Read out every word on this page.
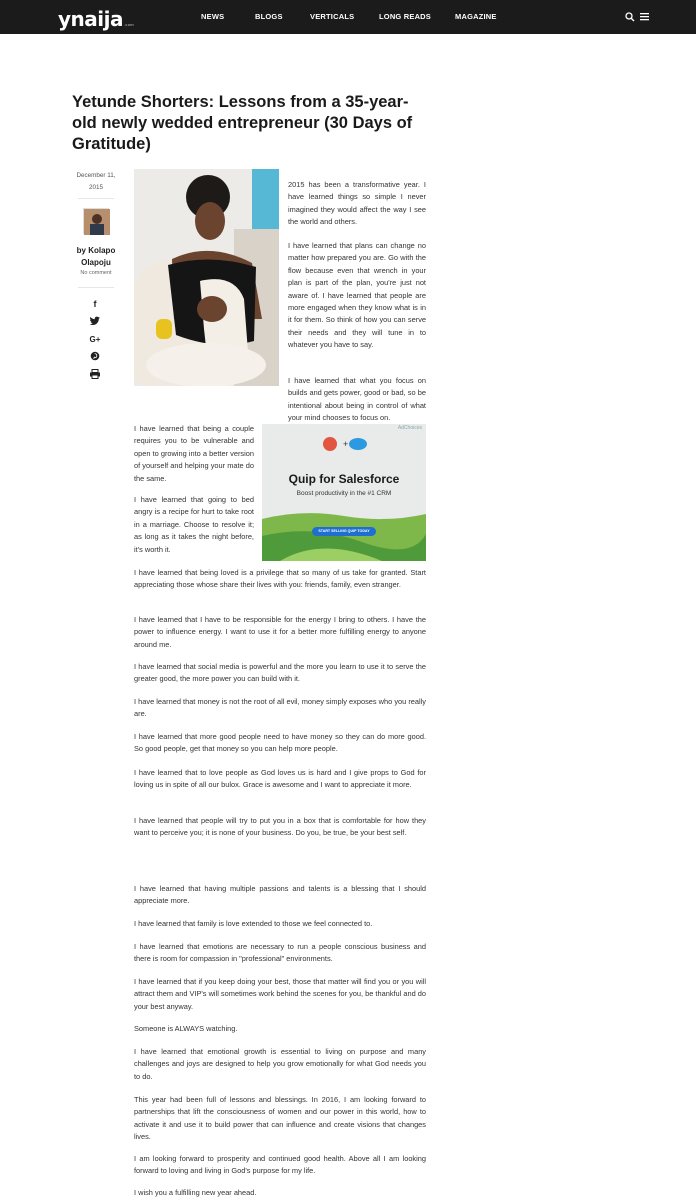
ynaija .com
NEWS	BLOGS	VERTICALS	LONG READS	MAGAZINE
Yetunde Shorters: Lessons from a 35-year-old newly wedded entrepreneur (30 Days of Gratitude)
December 11, 2015
by Kolapo Olapoju
No comment
f
G+

2015 has been a transformative year. I have learned things so simple I never imagined they would affect the way I see the world and others.

I have learned that plans can change no matter how prepared you are. Go with the flow because even that wrench in your plan is part of the plan, you're just not aware of. I have learned that people are more engaged when they know what is in it for them. So think of how you can serve their needs and they will tune in to whatever you have to say.

I have learned that what you focus on builds and gets power, good or bad, so be intentional about being in control of what your mind chooses to focus on.

I have learned that being a couple requires you to be vulnerable and open to growing into a better version of yourself and helping your mate do the same.

I have learned that going to bed angry is a recipe for hurt to take root in a marriage. Choose to resolve it; as long as it takes the night before, it's worth it.

I have learned that being loved is a privilege that so many of us take for granted. Start appreciating those whose share their lives with you: friends, family, even stranger.

AdChoices
+
Quip for Salesforce
Boost productivity in the #1 CRM
START SELLING QUIP TODAY

I have learned that I have to be responsible for the energy I bring to others. I have the power to influence energy. I want to use it for a better more fulfilling energy to anyone around me.

I have learned that social media is powerful and the more you learn to use it to serve the greater good, the more power you can build with it.

I have learned that money is not the root of all evil, money simply exposes who you really are.

I have learned that more good people need to have money so they can do more good. So good people, get that money so you can help more people.

I have learned that to love people as God loves us is hard and I give props to God for loving us in spite of all our bulox. Grace is awesome and I want to appreciate it more.

I have learned that people will try to put you in a box that is comfortable for how they want to perceive you; it is none of your business. Do you, be true, be your best self.

I have learned that having multiple passions and talents is a blessing that I should appreciate more.

I have learned that family is love extended to those we feel connected to.

I have learned that emotions are necessary to run a people conscious business and there is room for compassion in "professional" environments.

I have learned that if you keep doing your best, those that matter will find you or you will attract them and VIP's will sometimes work behind the scenes for you, be thankful and do your best anyway.

Someone is ALWAYS watching.

I have learned that emotional growth is essential to living on purpose and many challenges and joys are designed to help you grow emotionally for what God needs you to do.

This year had been full of lessons and blessings. In 2016, I am looking forward to partnerships that lift the consciousness of women and our power in this world, how to activate it and use it to build power that can influence and create visions that changes lives.

I am looking forward to prosperity and continued good health. Above all I am looking forward to loving and living in God's purpose for my life.

I wish you a fulfilling new year ahead.
